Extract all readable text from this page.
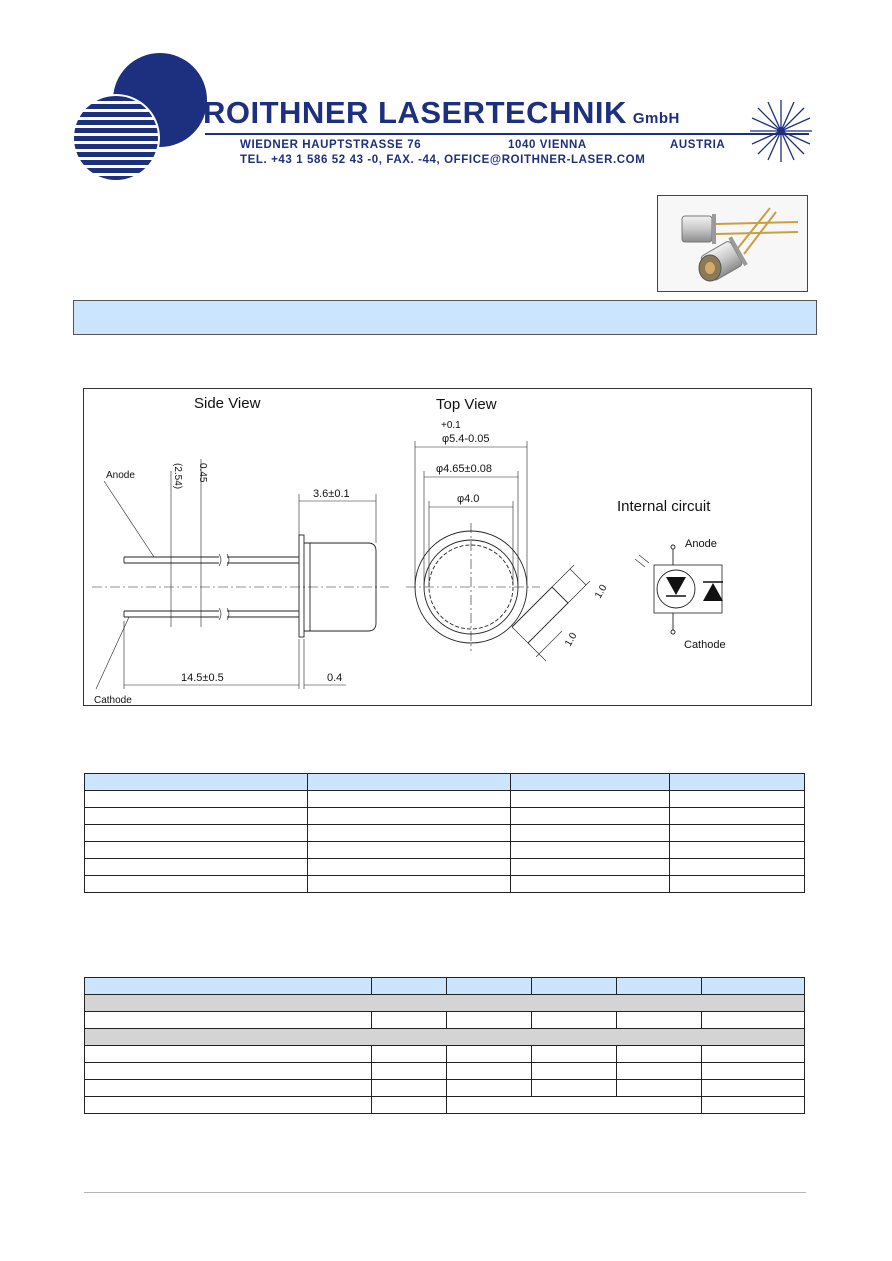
ROITHNER LASERTECHNIK GmbH
WIEDNER HAUPTSTRASSE 76	1040 VIENNA	AUSTRIA
TEL. +43 1 586 52 43 -0, FAX. -44, OFFICE@ROITHNER-LASER.COM
Side View	Top View
Internal circuit
Anode
Cathode
(2.54) 0.45
3.6±0.1
14.5±0.5	0.4
+0.1
φ5.4-0.05
φ4.65±0.08
φ4.0
1.0
1.0
Anode
Cathode
